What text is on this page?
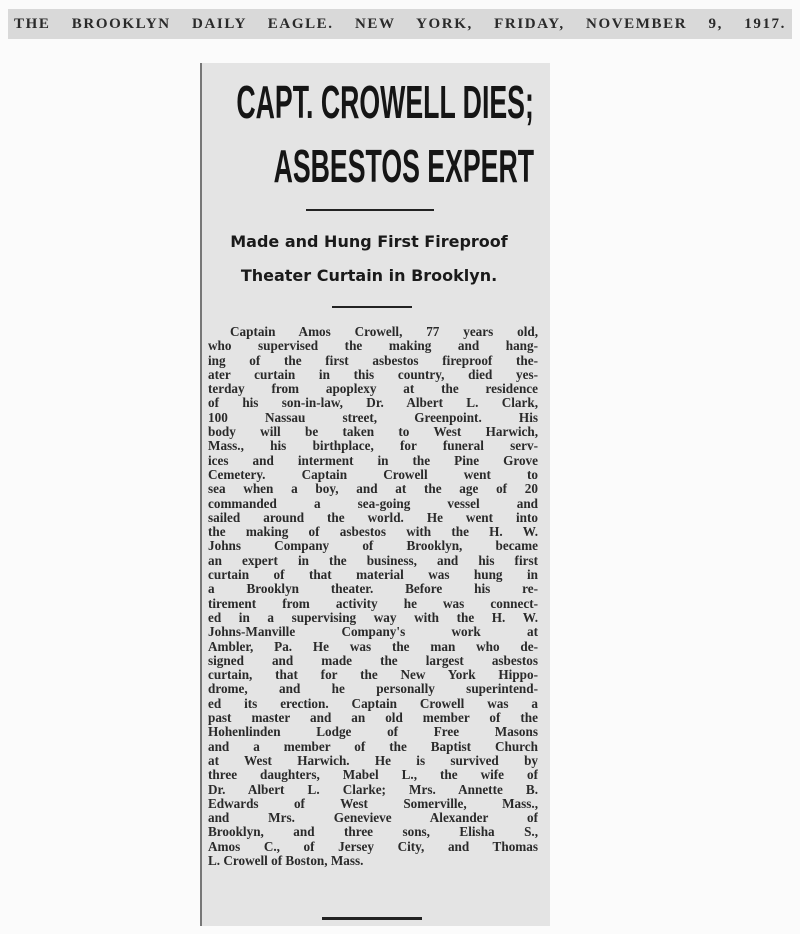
THE BROOKLYN DAILY EAGLE. NEW YORK, FRIDAY, NOVEMBER 9, 1917.
CAPT. CROWELL DIES;
ASBESTOS EXPERT
Made and Hung First Fireproof
Theater Curtain in Brooklyn.
Captain Amos Crowell, 77 years old,
who supervised the making and hang-
ing of the first asbestos fireproof the-
ater curtain in this country, died yes-
terday from apoplexy at the residence
of his son-in-law, Dr. Albert L. Clark,
100 Nassau street, Greenpoint. His
body will be taken to West Harwich,
Mass., his birthplace, for funeral serv-
ices and interment in the Pine Grove
Cemetery. Captain Crowell went to
sea when a boy, and at the age of 20
commanded a sea-going vessel and
sailed around the world. He went into
the making of asbestos with the H. W.
Johns Company of Brooklyn, became
an expert in the business, and his first
curtain of that material was hung in
a Brooklyn theater. Before his re-
tirement from activity he was connect-
ed in a supervising way with the H. W.
Johns-Manville Company's work at
Ambler, Pa. He was the man who de-
signed and made the largest asbestos
curtain, that for the New York Hippo-
drome, and he personally superintend-
ed its erection. Captain Crowell was a
past master and an old member of the
Hohenlinden Lodge of Free Masons
and a member of the Baptist Church
at West Harwich. He is survived by
three daughters, Mabel L., the wife of
Dr. Albert L. Clarke; Mrs. Annette B.
Edwards of West Somerville, Mass.,
and Mrs. Genevieve Alexander of
Brooklyn, and three sons, Elisha S.,
Amos C., of Jersey City, and Thomas
L. Crowell of Boston, Mass.
